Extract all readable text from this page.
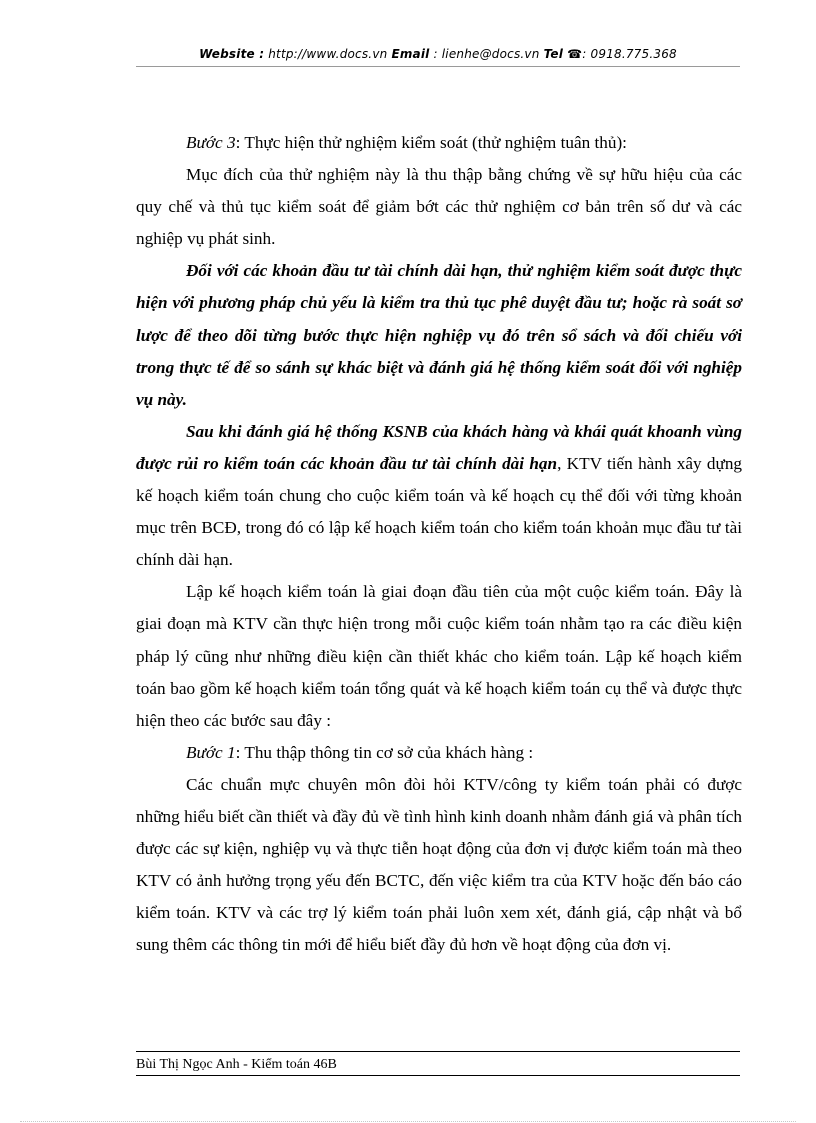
Website : http://www.docs.vn Email : lienhe@docs.vn Tel ☎: 0918.775.368

Bước 3: Thực hiện thử nghiệm kiểm soát (thử nghiệm tuân thủ):

Mục đích của thử nghiệm này là thu thập bằng chứng về sự hữu hiệu của các quy chế và thủ tục kiểm soát để giảm bớt các thử nghiệm cơ bản trên số dư và các nghiệp vụ phát sinh.

Đối với các khoản đầu tư tài chính dài hạn, thử nghiệm kiểm soát được thực hiện với phương pháp chủ yếu là kiểm tra thủ tục phê duyệt đầu tư; hoặc rà soát sơ lược để theo dõi từng bước thực hiện nghiệp vụ đó trên sổ sách và đối chiếu với trong thực tế để so sánh sự khác biệt và đánh giá hệ thống kiểm soát đối với nghiệp vụ này.

Sau khi đánh giá hệ thống KSNB của khách hàng và khái quát khoanh vùng được rủi ro kiểm toán các khoản đầu tư tài chính dài hạn, KTV tiến hành xây dựng kế hoạch kiểm toán chung cho cuộc kiểm toán và kế hoạch cụ thể đối với từng khoản mục trên BCĐ, trong đó có lập kế hoạch kiểm toán cho kiểm toán khoản mục đầu tư tài chính dài hạn.

Lập kế hoạch kiểm toán là giai đoạn đầu tiên của một cuộc kiểm toán. Đây là giai đoạn mà KTV cần thực hiện trong mỗi cuộc kiểm toán nhằm tạo ra các điều kiện pháp lý cũng như những điều kiện cần thiết khác cho kiểm toán. Lập kế hoạch kiểm toán bao gồm kế hoạch kiểm toán tổng quát và kế hoạch kiểm toán cụ thể và được thực hiện theo các bước sau đây :

Bước 1: Thu thập thông tin cơ sở của khách hàng :

Các chuẩn mực chuyên môn đòi hỏi KTV/công ty kiểm toán phải có được những hiểu biết cần thiết và đầy đủ về tình hình kinh doanh nhằm đánh giá và phân tích được các sự kiện, nghiệp vụ và thực tiễn hoạt động của đơn vị được kiểm toán mà theo KTV có ảnh hưởng trọng yếu đến BCTC, đến việc kiểm tra của KTV hoặc đến báo cáo kiểm toán. KTV và các trợ lý kiểm toán phải luôn xem xét, đánh giá, cập nhật và bổ sung thêm các thông tin mới để hiểu biết đầy đủ hơn về hoạt động của đơn vị.

Bùi Thị Ngọc Anh - Kiểm toán 46B
